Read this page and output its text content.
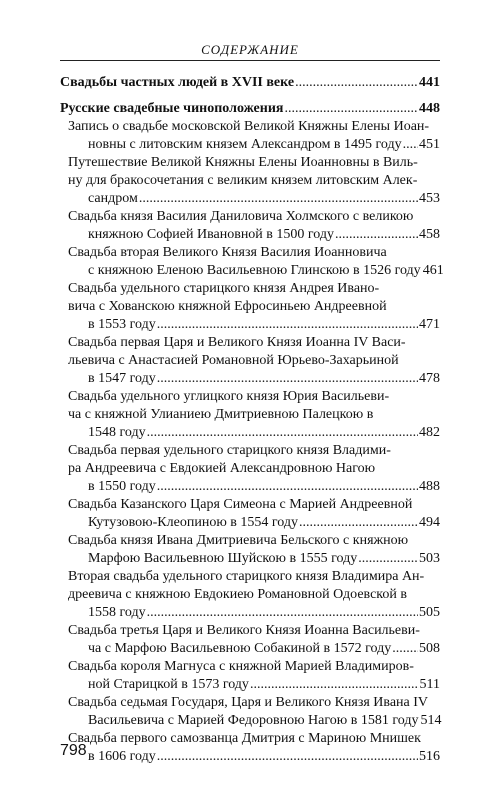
СОДЕРЖАНИЕ
Свадьбы частных людей в XVII веке .....	441
Русские свадебные чиноположения .....	448
Запись о свадьбе московской Великой Княжны Елены Иоан-
новны с литовским князем Александром в 1495 году ..... 451
Путешествие Великой Княжны Елены Иоанновны в Виль-
ну для бракосочетания с великим князем литовским Алек-
сандром .....	453
Свадьба князя Василия Даниловича Холмского с великою
княжною Софией Ивановной в 1500 году .....	458
Свадьба вторая Великого Князя Василия Иоанновича
с княжною Еленою Васильевною Глинскою в 1526 году 461
Свадьба удельного старицкого князя Андрея Ивано-
вича с Хованскою княжной Ефросиньею Андреевной
в 1553 году .....	471
Свадьба первая Царя и Великого Князя Иоанна IV Васи-
льевича с Анастасией Романовной Юрьево-Захарьиной
в 1547 году .....	478
Свадьба удельного углицкого князя Юрия Васильеви-
ча с княжной Улианиею Дмитриевною Палецкою в
1548 году .....	482
Свадьба первая удельного старицкого князя Владими-
ра Андреевича с Евдокией Александровною Нагою
в 1550 году .....	488
Свадьба Казанского Царя Симеона с Марией Андреевной
Кутузовою-Клеопиною в 1554 году .....	494
Свадьба князя Ивана Дмитриевича Бельского с княжною
Марфою Васильевною Шуйскою в 1555 году .....	503
Вторая свадьба удельного старицкого князя Владимира Ан-
дреевича с княжною Евдокиею Романовной Одоевской в
1558 году .....	505
Свадьба третья Царя и Великого Князя Иоанна Васильеви-
ча с Марфою Васильевною Собакиной в 1572 году ..... 508
Свадьба короля Магнуса с княжной Марией Владимиров-
ной Старицкой в 1573 году .....	511
Свадьба седьмая Государя, Царя и Великого Князя Ивана IV
Васильевича с Марией Федоровною Нагою в 1581 году 514
Свадьба первого самозванца Дмитрия с Мариною Мнишек
в 1606 году .....	516
798
